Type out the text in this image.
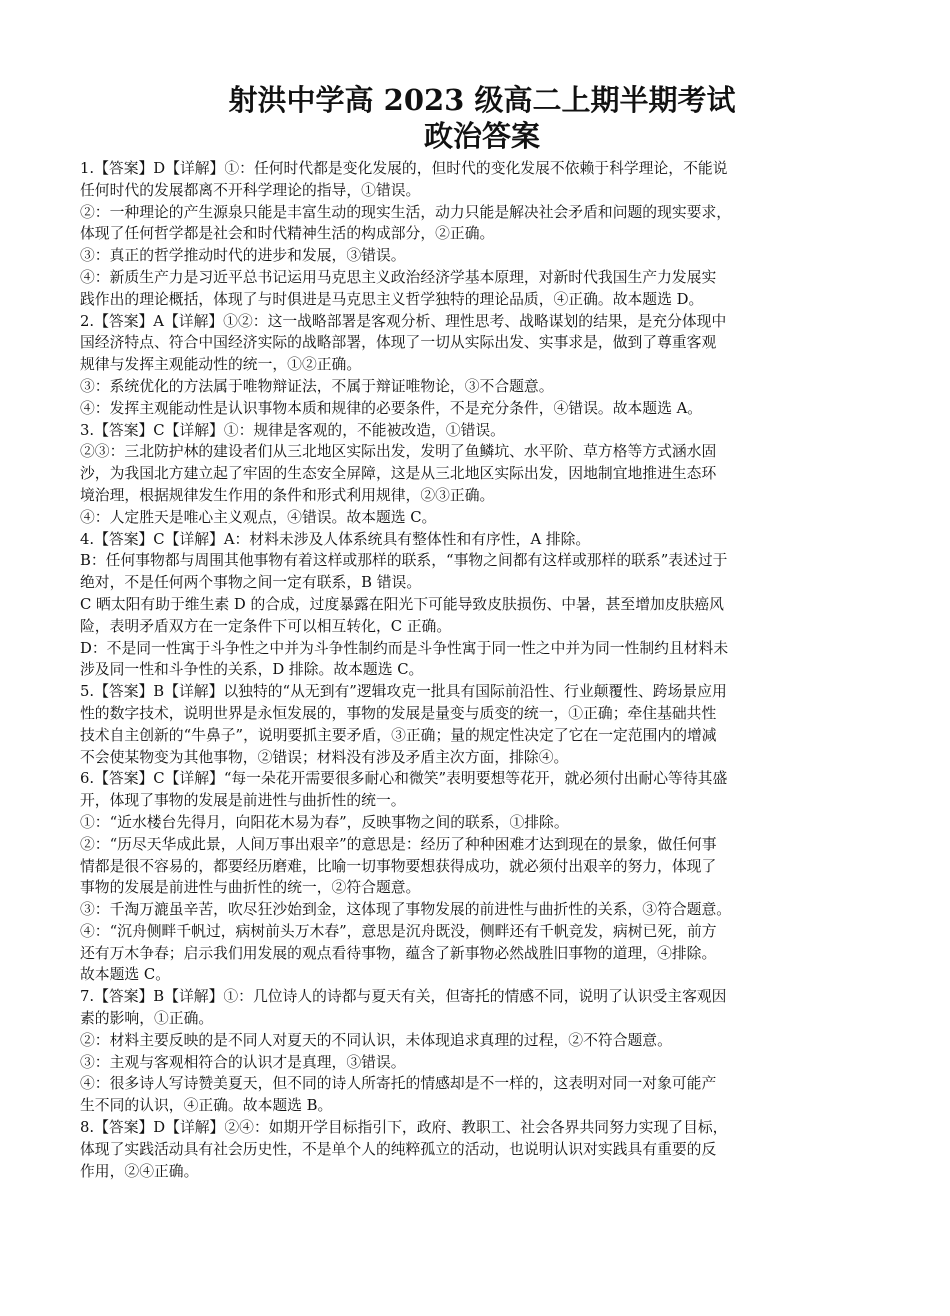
射洪中学高 2023 级高二上期半期考试
政治答案
1.【答案】D【详解】①：任何时代都是变化发展的，但时代的变化发展不依赖于科学理论，不能说
任何时代的发展都离不开科学理论的指导，①错误。
②：一种理论的产生源泉只能是丰富生动的现实生活，动力只能是解决社会矛盾和问题的现实要求，
体现了任何哲学都是社会和时代精神生活的构成部分，②正确。
③：真正的哲学推动时代的进步和发展，③错误。
④：新质生产力是习近平总书记运用马克思主义政治经济学基本原理，对新时代我国生产力发展实
践作出的理论概括，体现了与时俱进是马克思主义哲学独特的理论品质，④正确。故本题选 D。
2.【答案】A【详解】①②：这一战略部署是客观分析、理性思考、战略谋划的结果，是充分体现中
国经济特点、符合中国经济实际的战略部署，体现了一切从实际出发、实事求是，做到了尊重客观
规律与发挥主观能动性的统一，①②正确。
③：系统优化的方法属于唯物辩证法，不属于辩证唯物论，③不合题意。
④：发挥主观能动性是认识事物本质和规律的必要条件，不是充分条件，④错误。故本题选 A。
3.【答案】C【详解】①：规律是客观的，不能被改造，①错误。
②③：三北防护林的建设者们从三北地区实际出发，发明了鱼鳞坑、水平阶、草方格等方式涵水固
沙，为我国北方建立起了牢固的生态安全屏障，这是从三北地区实际出发，因地制宜地推进生态环
境治理，根据规律发生作用的条件和形式利用规律，②③正确。
④：人定胜天是唯心主义观点，④错误。故本题选 C。
4.【答案】C【详解】A：材料未涉及人体系统具有整体性和有序性，A 排除。
B：任何事物都与周围其他事物有着这样或那样的联系，“事物之间都有这样或那样的联系”表述过于
绝对，不是任何两个事物之间一定有联系，B 错误。
C 晒太阳有助于维生素 D 的合成，过度暴露在阳光下可能导致皮肤损伤、中暑，甚至增加皮肤癌风
险，表明矛盾双方在一定条件下可以相互转化，C 正确。
D：不是同一性寓于斗争性之中并为斗争性制约而是斗争性寓于同一性之中并为同一性制约且材料未
涉及同一性和斗争性的关系，D 排除。故本题选 C。
5.【答案】B【详解】以独特的“从无到有”逻辑攻克一批具有国际前沿性、行业颠覆性、跨场景应用
性的数字技术，说明世界是永恒发展的，事物的发展是量变与质变的统一，①正确；牵住基础共性
技术自主创新的“牛鼻子”，说明要抓主要矛盾，③正确；量的规定性决定了它在一定范围内的增减
不会使某物变为其他事物，②错误；材料没有涉及矛盾主次方面，排除④。
6.【答案】C【详解】“每一朵花开需要很多耐心和微笑”表明要想等花开，就必须付出耐心等待其盛
开，体现了事物的发展是前进性与曲折性的统一。
①：“近水楼台先得月，向阳花木易为春”，反映事物之间的联系，①排除。
②：“历尽天华成此景，人间万事出艰辛”的意思是：经历了种种困难才达到现在的景象，做任何事
情都是很不容易的，都要经历磨难，比喻一切事物要想获得成功，就必须付出艰辛的努力，体现了
事物的发展是前进性与曲折性的统一，②符合题意。
③：千淘万漉虽辛苦，吹尽狂沙始到金，这体现了事物发展的前进性与曲折性的关系，③符合题意。
④：“沉舟侧畔千帆过，病树前头万木春”，意思是沉舟既没，侧畔还有千帆竞发，病树已死，前方
还有万木争春；启示我们用发展的观点看待事物，蕴含了新事物必然战胜旧事物的道理，④排除。
故本题选 C。
7.【答案】B【详解】①：几位诗人的诗都与夏天有关，但寄托的情感不同，说明了认识受主客观因
素的影响，①正确。
②：材料主要反映的是不同人对夏天的不同认识，未体现追求真理的过程，②不符合题意。
③：主观与客观相符合的认识才是真理，③错误。
④：很多诗人写诗赞美夏天，但不同的诗人所寄托的情感却是不一样的，这表明对同一对象可能产
生不同的认识，④正确。故本题选 B。
8.【答案】D【详解】②④：如期开学目标指引下，政府、教职工、社会各界共同努力实现了目标，
体现了实践活动具有社会历史性，不是单个人的纯粹孤立的活动，也说明认识对实践具有重要的反
作用，②④正确。
